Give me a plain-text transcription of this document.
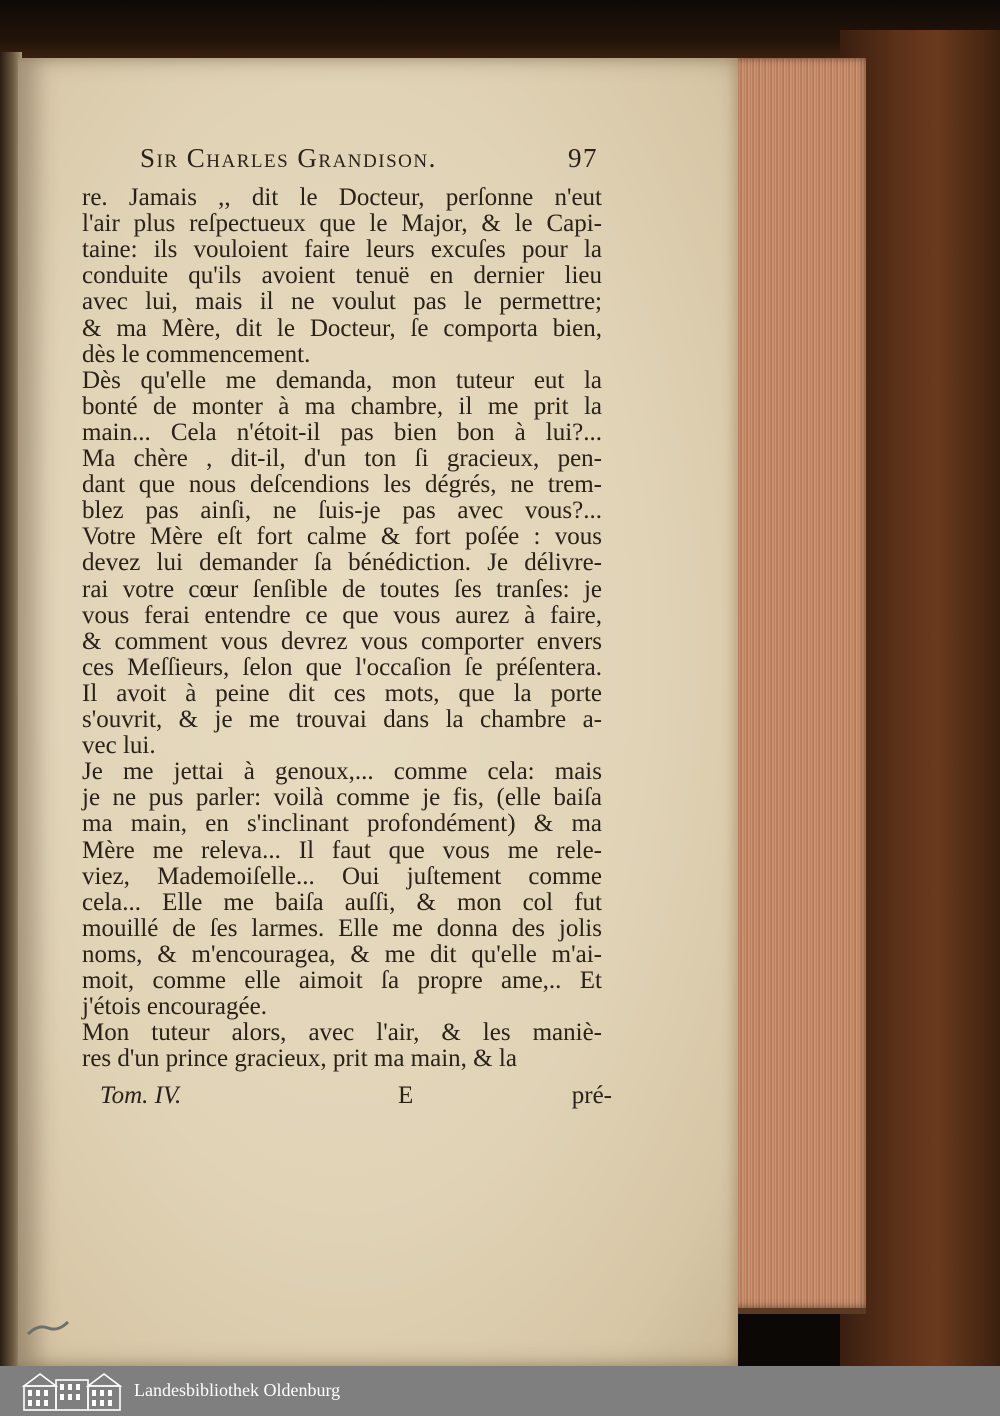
Sir Charles Grandison.	97
re. Jamais ,, dit le Docteur, perſonne n'eut
l'air plus reſpectueux que le Major, & le Capi-
taine: ils vouloient faire leurs excuſes pour la
conduite qu'ils avoient tenuë en dernier lieu
avec lui, mais il ne voulut pas le permettre;
& ma Mère, dit le Docteur, ſe comporta bien,
dès le commencement.
Dès qu'elle me demanda, mon tuteur eut la
bonté de monter à ma chambre, il me prit la
main... Cela n'étoit-il pas bien bon à lui?...
Ma chère , dit-il, d'un ton ſi gracieux, pen-
dant que nous deſcendions les dégrés, ne trem-
blez pas ainſi, ne ſuis-je pas avec vous?...
Votre Mère eſt fort calme & fort poſée : vous
devez lui demander ſa bénédiction. Je délivre-
rai votre cœur ſenſible de toutes ſes tranſes: je
vous ferai entendre ce que vous aurez à faire,
& comment vous devrez vous comporter envers
ces Meſſieurs, ſelon que l'occaſion ſe préſentera.
Il avoit à peine dit ces mots, que la porte
s'ouvrit, & je me trouvai dans la chambre a-
vec lui.
Je me jettai à genoux,... comme cela: mais
je ne pus parler: voilà comme je fis, (elle baiſa
ma main, en s'inclinant profondément) & ma
Mère me releva... Il faut que vous me rele-
viez, Mademoiſelle... Oui juſtement comme
cela... Elle me baiſa auſſi, & mon col fut
mouillé de ſes larmes. Elle me donna des jolis
noms, & m'encouragea, & me dit qu'elle m'ai-
moit, comme elle aimoit ſa propre ame,.. Et
j'étois encouragée.
Mon tuteur alors, avec l'air, & les maniè-
res d'un prince gracieux, prit ma main, & la
Tom. IV.	E	pré-
Landesbibliothek Oldenburg
